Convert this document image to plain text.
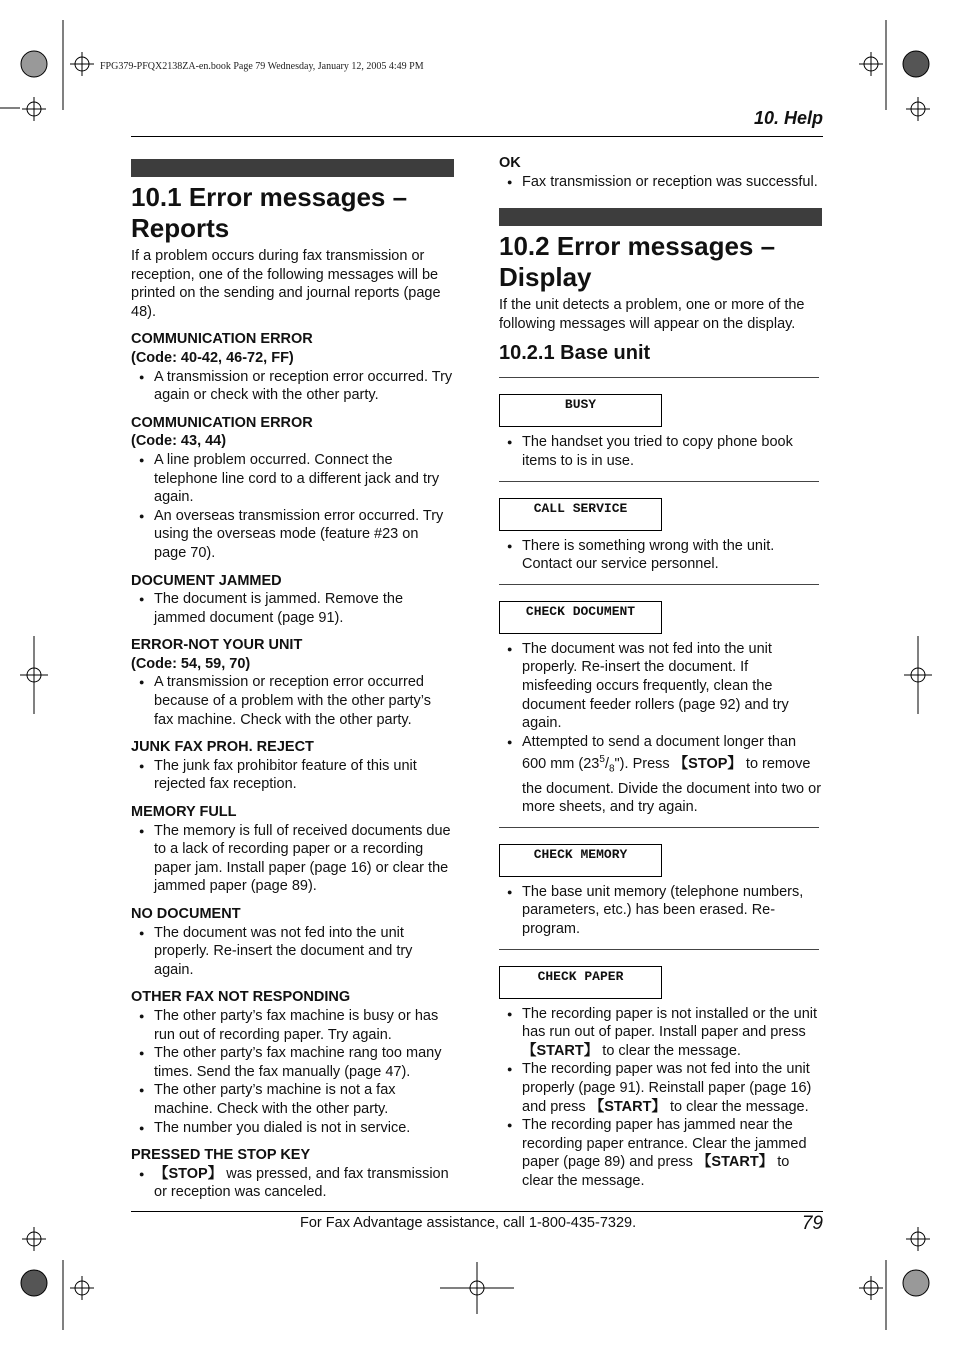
FPG379-PFQX2138ZA-en.book Page 79 Wednesday, January 12, 2005 4:49 PM
10. Help
10.1 Error messages –
Reports
If a problem occurs during fax transmission or reception, one of the following messages will be printed on the sending and journal reports (page 48).
COMMUNICATION ERROR
(Code: 40-42, 46-72, FF)
● A transmission or reception error occurred. Try again or check with the other party.
COMMUNICATION ERROR
(Code: 43, 44)
● A line problem occurred. Connect the telephone line cord to a different jack and try again.
● An overseas transmission error occurred. Try using the overseas mode (feature #23 on page 70).
DOCUMENT JAMMED
● The document is jammed. Remove the jammed document (page 91).
ERROR-NOT YOUR UNIT
(Code: 54, 59, 70)
● A transmission or reception error occurred because of a problem with the other party’s fax machine. Check with the other party.
JUNK FAX PROH. REJECT
● The junk fax prohibitor feature of this unit rejected fax reception.
MEMORY FULL
● The memory is full of received documents due to a lack of recording paper or a recording paper jam. Install paper (page 16) or clear the jammed paper (page 89).
NO DOCUMENT
● The document was not fed into the unit properly. Re-insert the document and try again.
OTHER FAX NOT RESPONDING
● The other party’s fax machine is busy or has run out of recording paper. Try again.
● The other party’s fax machine rang too many times. Send the fax manually (page 47).
● The other party’s machine is not a fax machine. Check with the other party.
● The number you dialed is not in service.
PRESSED THE STOP KEY
● 【STOP】 was pressed, and fax transmission or reception was canceled.
OK
● Fax transmission or reception was successful.
10.2 Error messages –
Display
If the unit detects a problem, one or more of the following messages will appear on the display.
10.2.1 Base unit
BUSY
● The handset you tried to copy phone book items to is in use.
CALL SERVICE
● There is something wrong with the unit. Contact our service personnel.
CHECK DOCUMENT
● The document was not fed into the unit properly. Re-insert the document. If misfeeding occurs frequently, clean the document feeder rollers (page 92) and try again.
● Attempted to send a document longer than 600 mm $(23^5/_8")$. Press 【STOP】 to remove the document. Divide the document into two or more sheets, and try again.
CHECK MEMORY
● The base unit memory (telephone numbers, parameters, etc.) has been erased. Re-program.
CHECK PAPER
● The recording paper is not installed or the unit has run out of paper. Install paper and press 【START】 to clear the message.
● The recording paper was not fed into the unit properly (page 91). Reinstall paper (page 16) and press 【START】 to clear the message.
● The recording paper has jammed near the recording paper entrance. Clear the jammed paper (page 89) and press 【START】 to clear the message.
For Fax Advantage assistance, call 1-800-435-7329.	79
